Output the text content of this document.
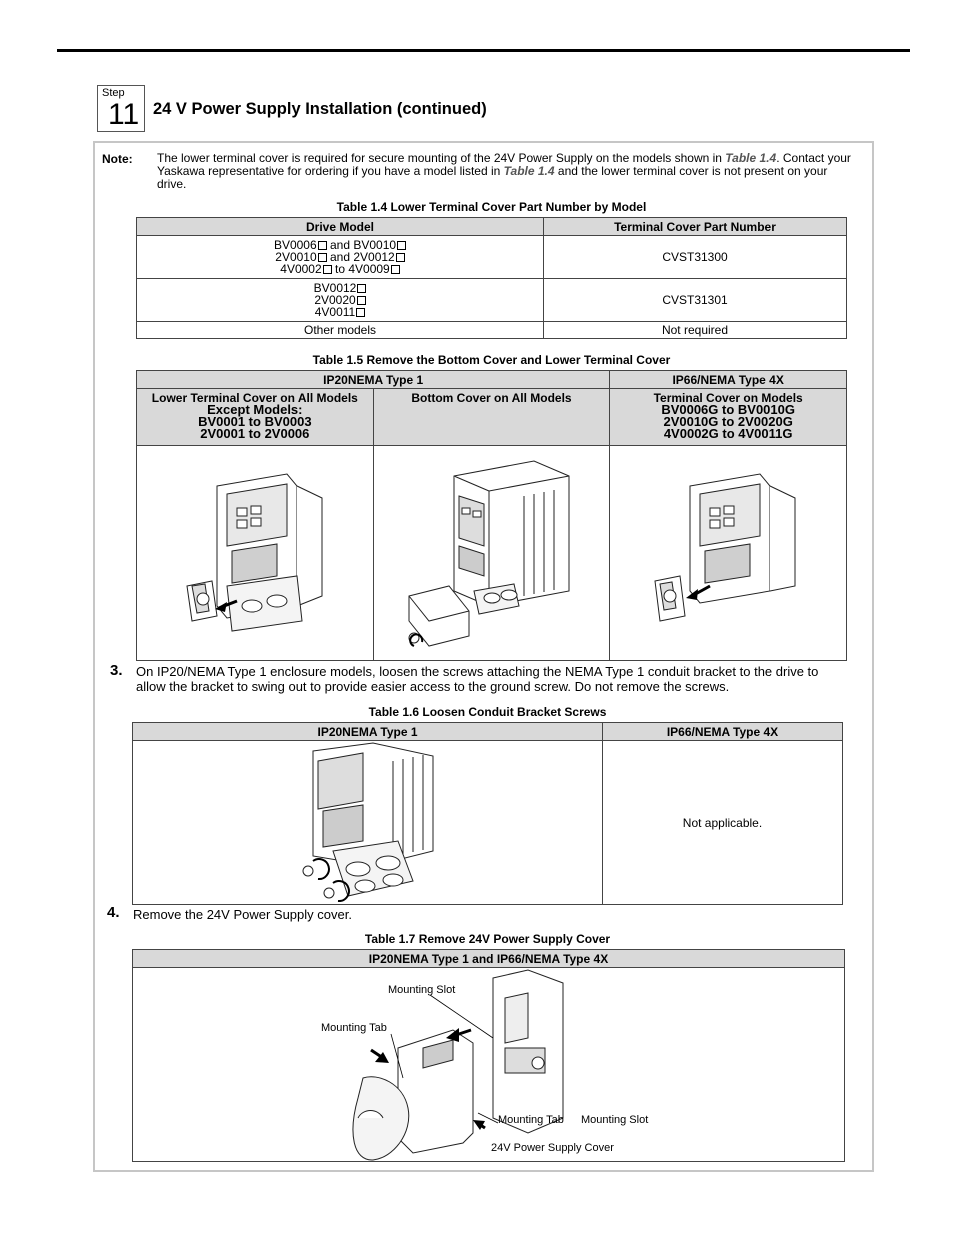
Step
11 24 V Power Supply Installation (continued)
Note: The lower terminal cover is required for secure mounting of the 24V Power Supply on the models shown in Table 1.4. Contact your Yaskawa representative for ordering if you have a model listed in Table 1.4 and the lower terminal cover is not present on your drive.
Table 1.4 Lower Terminal Cover Part Number by Model
Drive Model	Terminal Cover Part Number
BV0006 and BV0010
2V0010 and 2V0012
4V0002 to 4V0009	CVST31300
BV0012
2V0020
4V0011	CVST31301
Other models	Not required
Table 1.5 Remove the Bottom Cover and Lower Terminal Cover
IP20NEMA Type 1		IP66/NEMA Type 4X
Lower Terminal Cover on All Models
Except Models:
BV0001 to BV0003
2V0001 to 2V0006	Bottom Cover on All Models	Terminal Cover on Models
BV0006G to BV0010G
2V0010G to 2V0020G
4V0002G to 4V0011G

3. On IP20/NEMA Type 1 enclosure models, loosen the screws attaching the NEMA Type 1 conduit bracket to the drive to allow the bracket to swing out to provide easier access to the ground screw. Do not remove the screws.
Table 1.6 Loosen Conduit Bracket Screws
IP20NEMA Type 1	IP66/NEMA Type 4X
	Not applicable.
4. Remove the 24V Power Supply cover.
Table 1.7 Remove 24V Power Supply Cover
IP20NEMA Type 1 and IP66/NEMA Type 4X

Mounting Slot
Mounting Tab
Mounting Tab Mounting Slot
24V Power Supply Cover
